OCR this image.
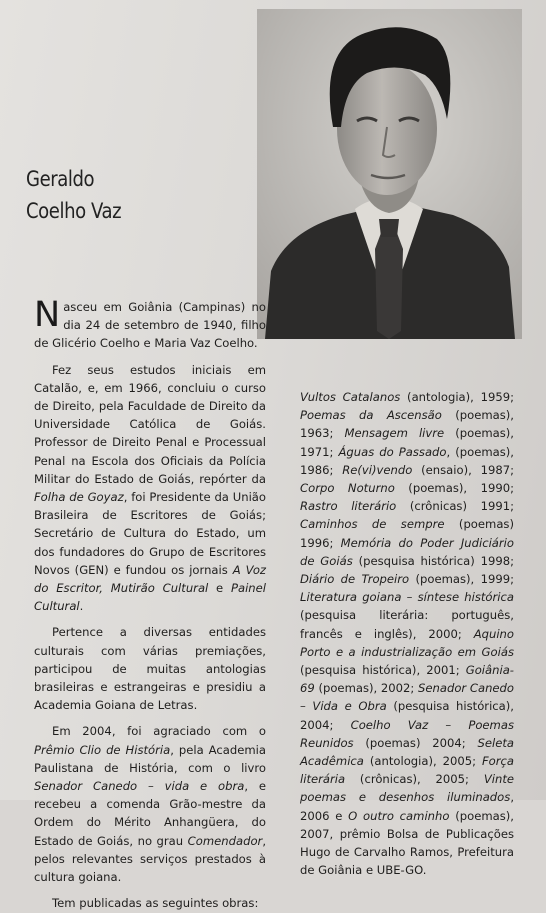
Geraldo
Coelho Vaz

Nasceu em Goiânia (Campinas) no dia 24 de setembro de 1940, filho de Glicério Coelho e Maria Vaz Coelho.

Fez seus estudos iniciais em Catalão, e, em 1966, concluiu o curso de Direito, pela Faculdade de Direito da Universidade Católica de Goiás. Professor de Direito Penal e Processual Penal na Escola dos Oficiais da Polícia Militar do Estado de Goiás, repórter da Folha de Goyaz, foi Presidente da União Brasileira de Escritores de Goiás; Secretário de Cultura do Estado, um dos fundadores do Grupo de Escritores Novos (GEN) e fundou os jornais A Voz do Escritor, Mutirão Cultural e Painel Cultural.

Pertence a diversas entidades culturais com várias premiações, participou de muitas antologias brasileiras e estrangeiras e presidiu a Academia Goiana de Letras.

Em 2004, foi agraciado com o Prêmio Clio de História, pela Academia Paulistana de História, com o livro Senador Canedo – vida e obra, e recebeu a comenda Grão-mestre da Ordem do Mérito Anhangüera, do Estado de Goiás, no grau Comendador, pelos relevantes serviços prestados à cultura goiana.

Tem publicadas as seguintes obras:

Vultos Catalanos (antologia), 1959; Poemas da Ascensão (poemas), 1963; Mensagem livre (poemas), 1971; Águas do Passado, (poemas), 1986; Re(vi)vendo (ensaio), 1987; Corpo Noturno (poemas), 1990; Rastro literário (crônicas) 1991; Caminhos de sempre (poemas) 1996; Memória do Poder Judiciário de Goiás (pesquisa histórica) 1998; Diário de Tropeiro (poemas), 1999; Literatura goiana – síntese histórica (pesquisa literária: português, francês e inglês), 2000; Aquino Porto e a industrialização em Goiás (pesquisa histórica), 2001; Goiânia-69 (poemas), 2002; Senador Canedo – Vida e Obra (pesquisa histórica), 2004; Coelho Vaz – Poemas Reunidos (poemas) 2004; Seleta Acadêmica (antologia), 2005; Força literária (crônicas), 2005; Vinte poemas e desenhos iluminados, 2006 e O outro caminho (poemas), 2007, prêmio Bolsa de Publicações Hugo de Carvalho Ramos, Prefeitura de Goiânia e UBE-GO.
